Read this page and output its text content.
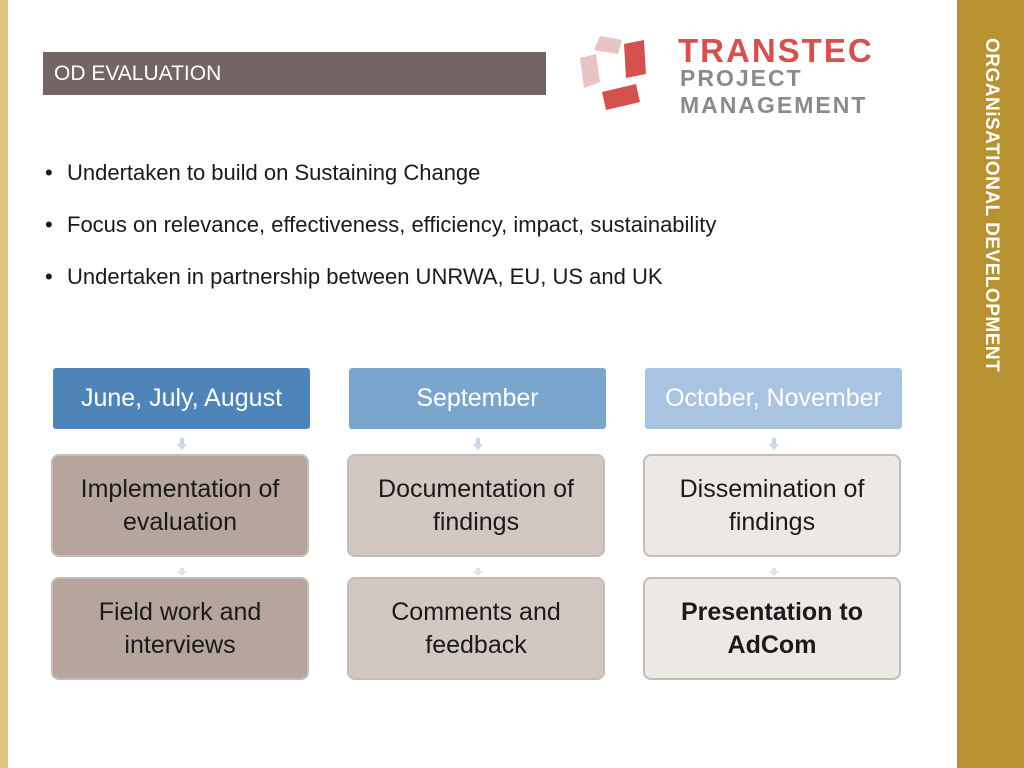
ORGANiSATIONAL DEVELOPMENT
OD EVALUATION
TRANSTEC
PROJECT
MANAGEMENT
• Undertaken to build on Sustaining Change
• Focus on relevance, effectiveness, efficiency, impact, sustainability
• Undertaken in partnership between UNRWA, EU, US and UK
June, July, August
Implementation of evaluation
Field work and interviews
September
Documentation of findings
Comments and feedback
October, November
Dissemination of findings
Presentation to AdCom
